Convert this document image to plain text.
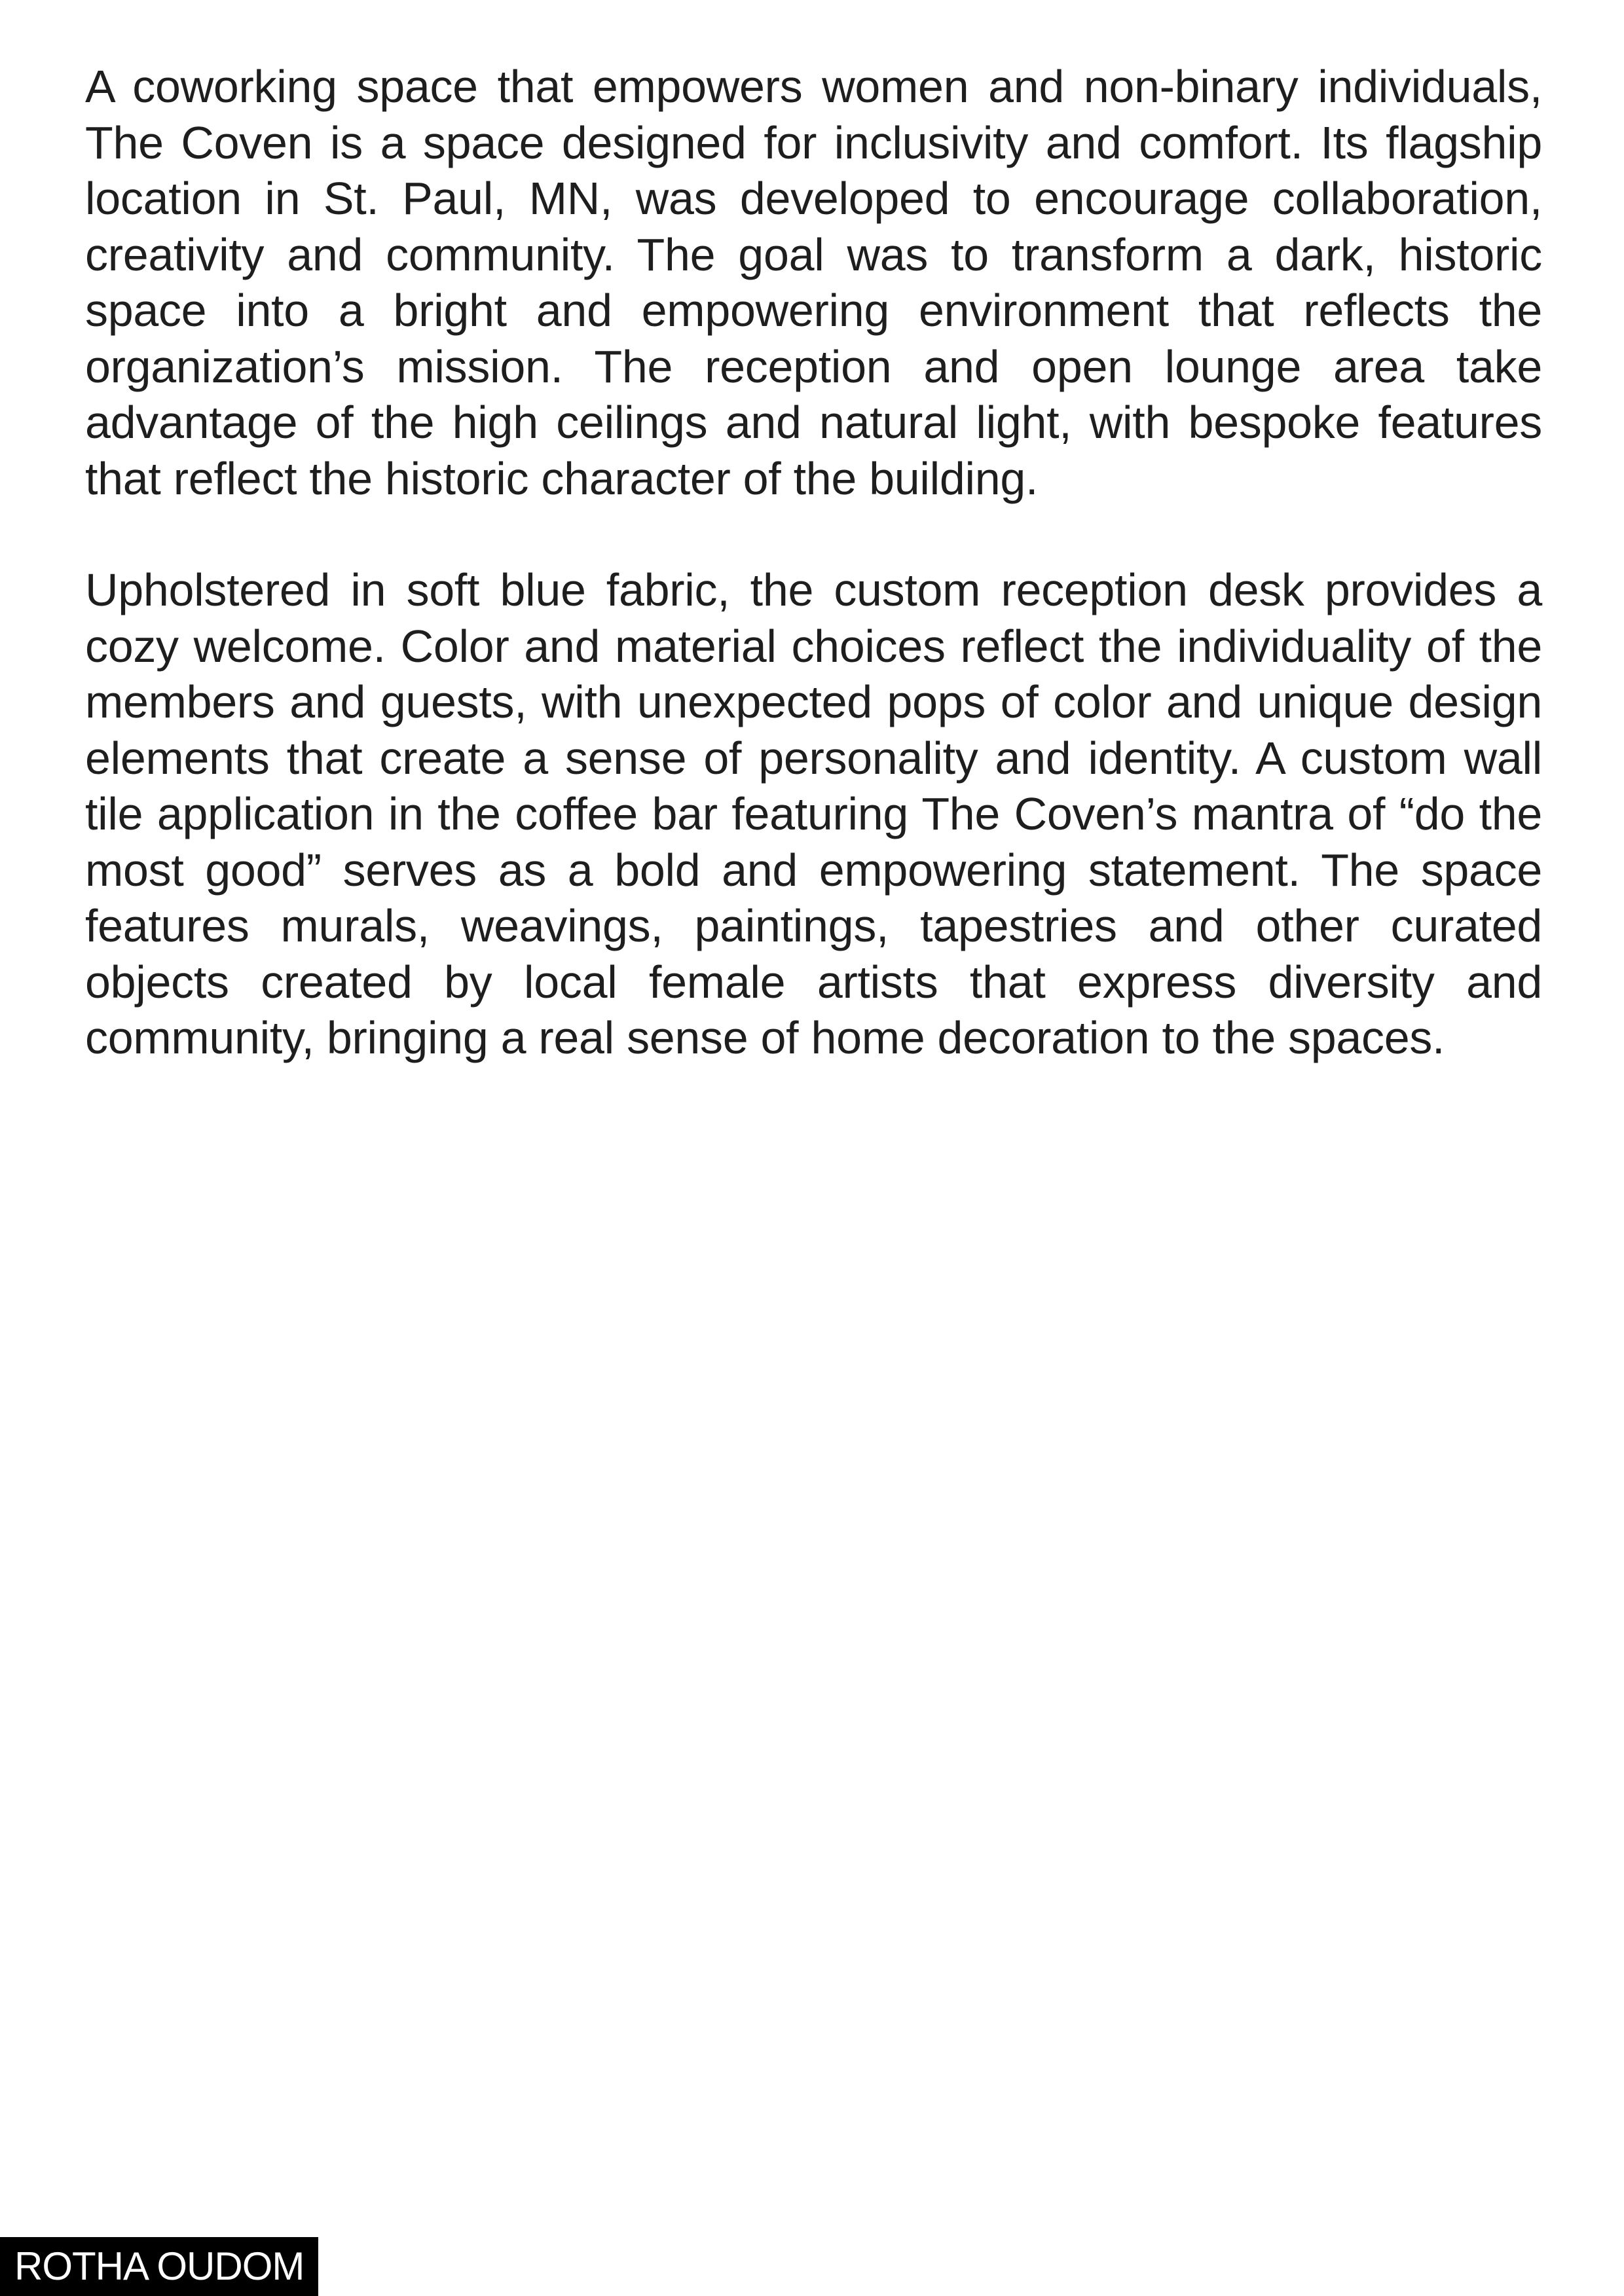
A coworking space that empowers women and non-binary individuals, The Coven is a space designed for inclusivity and comfort. Its flagship location in St. Paul, MN, was developed to encourage collaboration, creativity and community. The goal was to transform a dark, historic space into a bright and empowering environment that reflects the organization’s mission. The reception and open lounge area take advantage of the high ceilings and natural light, with bespoke features that reflect the historic character of the building.

Upholstered in soft blue fabric, the custom reception desk provides a cozy welcome. Color and material choices reflect the individuality of the members and guests, with unexpected pops of color and unique design elements that create a sense of personality and identity. A custom wall tile application in the coffee bar featuring The Coven’s mantra of “do the most good” serves as a bold and empowering statement. The space features murals, weavings, paintings, tapestries and other curated objects created by local female artists that express diversity and community, bringing a real sense of home decoration to the spaces.

ROTHA OUDOM
